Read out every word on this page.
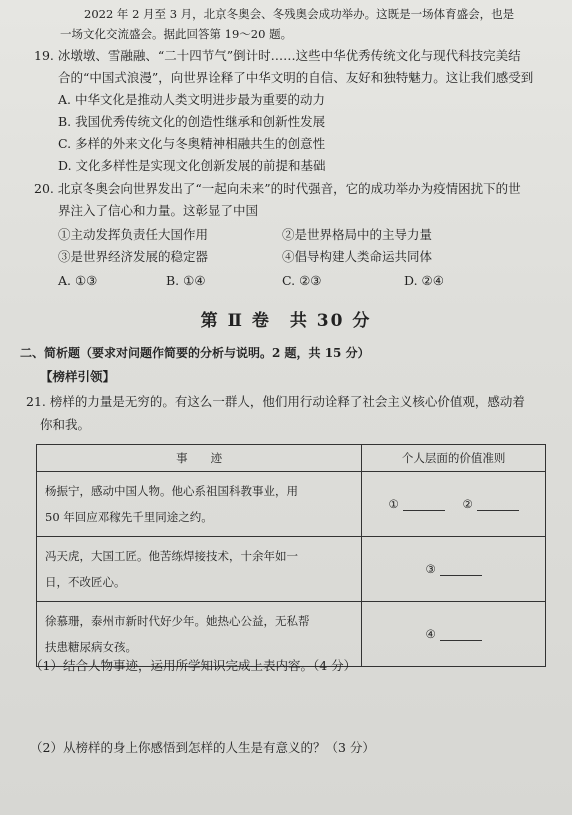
2022 年 2 月至 3 月，北京冬奥会、冬残奥会成功举办。这既是一场体育盛会，也是
一场文化交流盛会。据此回答第 19～20 题。
19. 冰墩墩、雪融融、“二十四节气”倒计时……这些中华优秀传统文化与现代科技完美结
合的“中国式浪漫”，向世界诠释了中华文明的自信、友好和独特魅力。这让我们感受到
A. 中华文化是推动人类文明进步最为重要的动力
B. 我国优秀传统文化的创造性继承和创新性发展
C. 多样的外来文化与冬奥精神相融共生的创意性
D. 文化多样性是实现文化创新发展的前提和基础
20. 北京冬奥会向世界发出了“一起向未来”的时代强音，它的成功举办为疫情困扰下的世
界注入了信心和力量。这彰显了中国
①主动发挥负责任大国作用	②是世界格局中的主导力量
③是世界经济发展的稳定器	④倡导构建人类命运共同体
A. ①③	B. ①④	C. ②③	D. ②④
第 Ⅱ 卷　共 30 分
二、简析题（要求对问题作简要的分析与说明。2 题，共 15 分）
【榜样引领】
21. 榜样的力量是无穷的。有这么一群人，他们用行动诠释了社会主义核心价值观，感动着
你和我。
事　　迹	个人层面的价值准则

杨振宁，感动中国人物。他心系祖国科教事业，用
50 年回应邓稼先千里同途之约。	① ②

冯天虎，大国工匠。他苦练焊接技术，十余年如一
日，不改匠心。	③

徐慕珊，泰州市新时代好少年。她热心公益，无私帮
扶患糖尿病女孩。	④
（1）结合人物事迹，运用所学知识完成上表内容。（4 分）
（2）从榜样的身上你感悟到怎样的人生是有意义的？（3 分）
